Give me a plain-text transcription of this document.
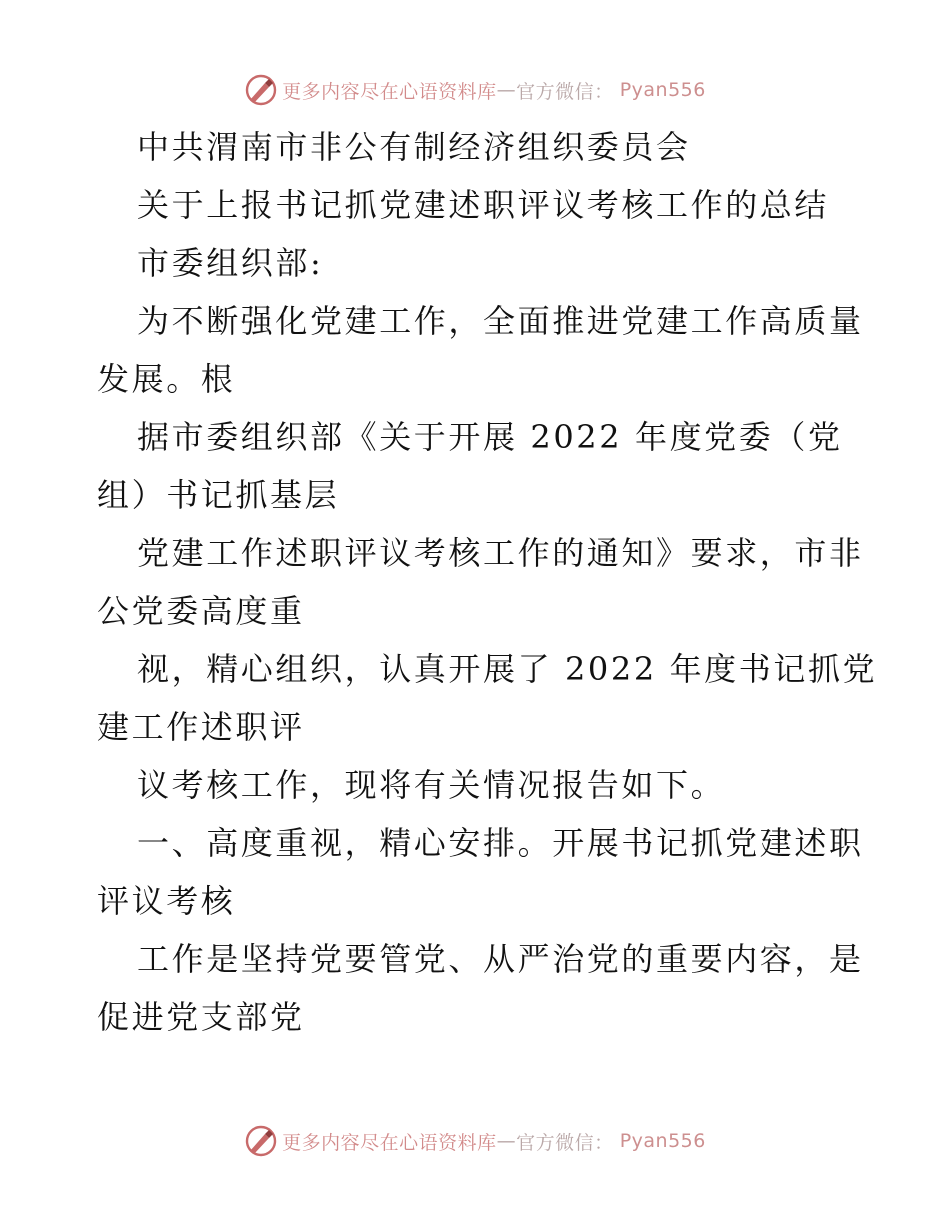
更多内容尽在心语资料库 — 官方微信： Pyan556
中共渭南市非公有制经济组织委员会
关于上报书记抓党建述职评议考核工作的总结
市委组织部:
为不断强化党建工作，全面推进党建工作高质量
发展。根
据市委组织部《关于开展 2022 年度党委（党
组）书记抓基层
党建工作述职评议考核工作的通知》要求，市非
公党委高度重
视，精心组织，认真开展了 2022 年度书记抓党
建工作述职评
议考核工作，现将有关情况报告如下。
一、高度重视，精心安排。开展书记抓党建述职
评议考核
工作是坚持党要管党、从严治党的重要内容，是
促进党支部党
更多内容尽在心语资料库 — 官方微信： Pyan556
